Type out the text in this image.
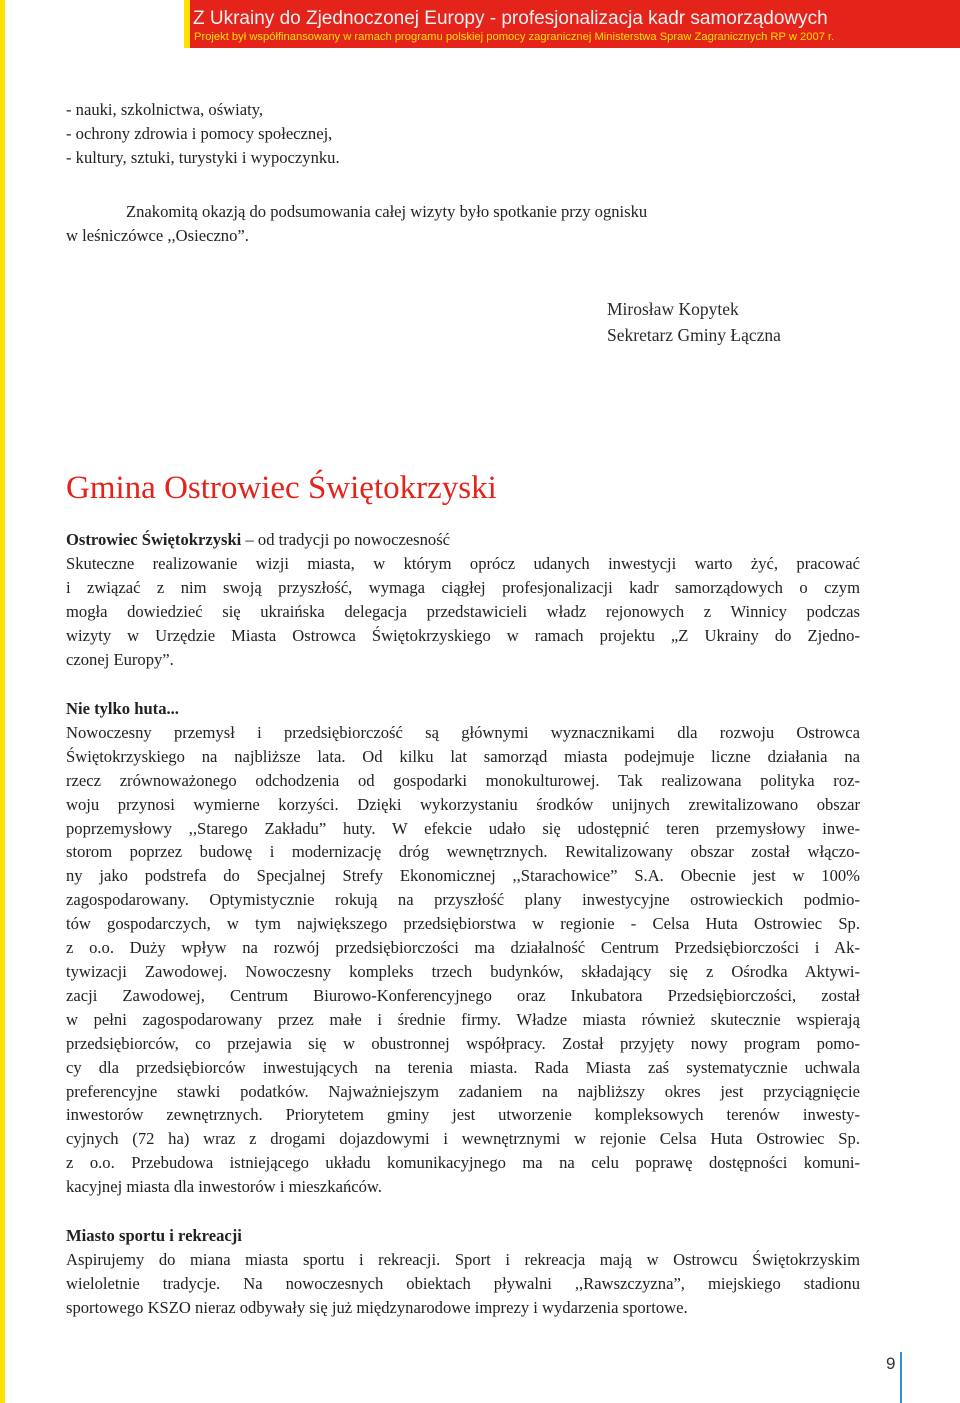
Z Ukrainy do Zjednoczonej Europy - profesjonalizacja kadr samorządowych
Projekt był współfinansowany w ramach programu polskiej pomocy zagranicznej Ministerstwa Spraw Zagranicznych RP w 2007 r.
- nauki, szkolnictwa, oświaty,
- ochrony zdrowia i pomocy społecznej,
- kultury, sztuki, turystyki i wypoczynku.
Znakomitą okazją do podsumowania całej wizyty było spotkanie przy ognisku
w leśniczówce ,,Osieczno”.
Mirosław Kopytek
Sekretarz Gminy Łączna
Gmina Ostrowiec Świętokrzyski
Ostrowiec Świętokrzyski – od tradycji po nowoczesność
Skuteczne realizowanie wizji miasta, w którym oprócz udanych inwestycji warto żyć, pracować
i związać z nim swoją przyszłość, wymaga ciągłej profesjonalizacji kadr samorządowych o czym
mogła dowiedzieć się ukraińska delegacja przedstawicieli władz rejonowych z Winnicy podczas
wizyty w Urzędzie Miasta Ostrowca Świętokrzyskiego w ramach projektu „Z Ukrainy do Zjedno-
czonej Europy”.
Nie tylko huta...
Nowoczesny przemysł i przedsiębiorczość są głównymi wyznacznikami dla rozwoju Ostrowca
Świętokrzyskiego na najbliższe lata. Od kilku lat samorząd miasta podejmuje liczne działania na
rzecz zrównoważonego odchodzenia od gospodarki monokulturowej. Tak realizowana polityka roz-
woju przynosi wymierne korzyści. Dzięki wykorzystaniu środków unijnych zrewitalizowano obszar
poprzemysłowy ,,Starego Zakładu” huty. W efekcie udało się udostępnić teren przemysłowy inwe-
storom poprzez budowę i modernizację dróg wewnętrznych. Rewitalizowany obszar został włączo-
ny jako podstrefa do Specjalnej Strefy Ekonomicznej ,,Starachowice” S.A. Obecnie jest w 100%
zagospodarowany. Optymistycznie rokują na przyszłość plany inwestycyjne ostrowieckich podmio-
tów gospodarczych, w tym największego przedsiębiorstwa w regionie - Celsa Huta Ostrowiec Sp.
z o.o. Duży wpływ na rozwój przedsiębiorczości ma działalność Centrum Przedsiębiorczości i Ak-
tywizacji Zawodowej. Nowoczesny kompleks trzech budynków, składający się z Ośrodka Aktywi-
zacji Zawodowej, Centrum Biurowo-Konferencyjnego oraz Inkubatora Przedsiębiorczości, został
w pełni zagospodarowany przez małe i średnie firmy. Władze miasta również skutecznie wspierają
przedsiębiorców, co przejawia się w obustronnej współpracy. Został przyjęty nowy program pomo-
cy dla przedsiębiorców inwestujących na terenia miasta. Rada Miasta zaś systematycznie uchwala
preferencyjne stawki podatków. Najważniejszym zadaniem na najbliższy okres jest przyciągnięcie
inwestorów zewnętrznych. Priorytetem gminy jest utworzenie kompleksowych terenów inwesty-
cyjnych (72 ha) wraz z drogami dojazdowymi i wewnętrznymi w rejonie Celsa Huta Ostrowiec Sp.
z o.o. Przebudowa istniejącego układu komunikacyjnego ma na celu poprawę dostępności komuni-
kacyjnej miasta dla inwestorów i mieszkańców.
Miasto sportu i rekreacji
Aspirujemy do miana miasta sportu i rekreacji. Sport i rekreacja mają w Ostrowcu Świętokrzyskim
wieloletnie tradycje. Na nowoczesnych obiektach pływalni ,,Rawszczyzna”, miejskiego stadionu
sportowego KSZO nieraz odbywały się już międzynarodowe imprezy i wydarzenia sportowe.
9
